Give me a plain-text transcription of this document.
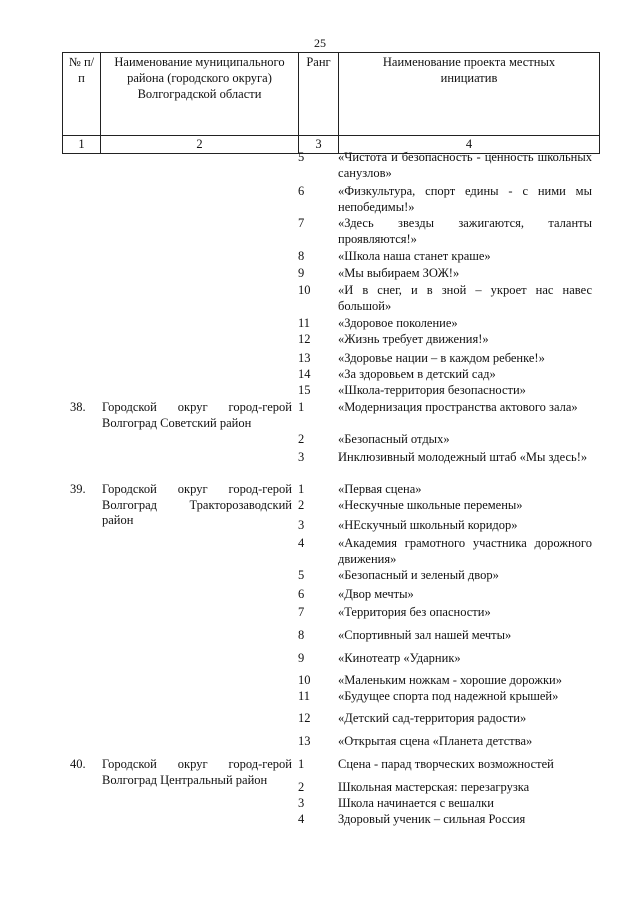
25
№ п/п
Наименование муниципального района (городского округа) Волгоградской области
Ранг	Наименование проекта местных инициатив
1	2	3	4
5	«Чистота и безопасность - ценность школьных санузлов»
6	«Физкультура, спорт едины - с ними мы непобедимы!»
7	«Здесь звезды зажигаются, таланты проявляются!»
8	«Школа наша станет краше»
9	«Мы выбираем ЗОЖ!»
10	«И в снег, и в зной – укроет нас навес большой»
11	«Здоровое поколение»
12	«Жизнь требует движения!»
13	«Здоровье нации – в каждом ребенке!»
14	«За здоровьем в детский сад»
15	«Школа-территория безопасности»
38.	Городской округ город-герой Волгоград Советский район
1	«Модернизация пространства актового зала»
2	«Безопасный отдых»
3	Инклюзивный молодежный штаб «Мы здесь!»
39.	Городской округ город-герой Волгоград Тракторозаводский район
1	«Первая сцена»
2	«Нескучные школьные перемены»
3	«НЕскучный школьный коридор»
4	«Академия грамотного участника дорожного движения»
5	«Безопасный и зеленый двор»
6	«Двор мечты»
7	«Территория без опасности»
8	«Спортивный зал нашей мечты»
9	«Кинотеатр «Ударник»
10	«Маленьким ножкам - хорошие дорожки»
11	«Будущее спорта под надежной крышей»
12	«Детский сад-территория радости»
13	«Открытая сцена «Планета детства»
40.	Городской округ город-герой Волгоград Центральный район
1	Сцена - парад творческих возможностей
2	Школьная мастерская: перезагрузка
3	Школа начинается с вешалки
4	Здоровый ученик – сильная Россия
